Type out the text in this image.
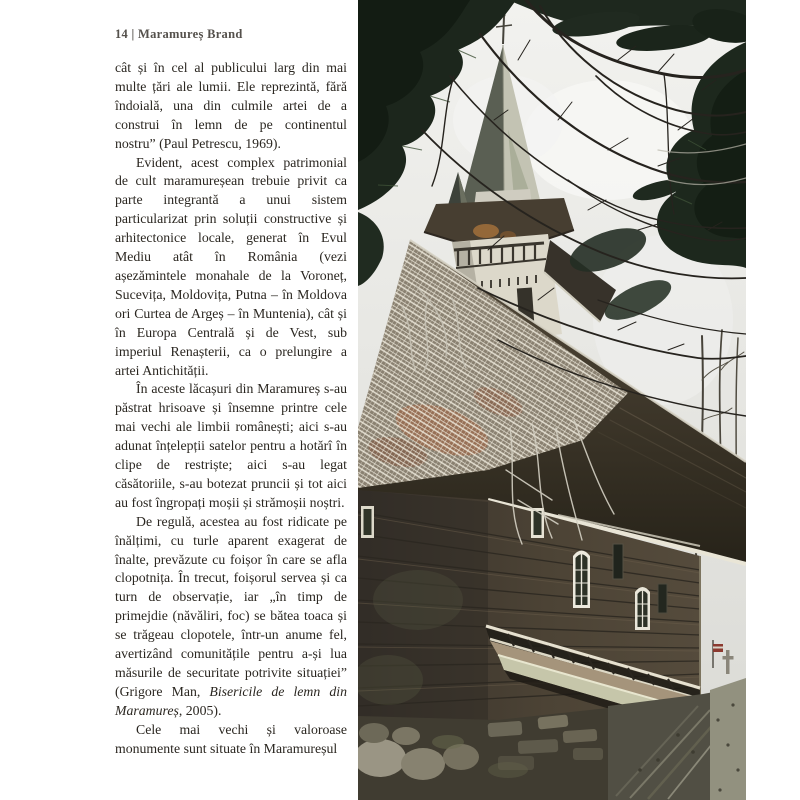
14 | Maramureș Brand

cât și în cel al publicului larg din mai multe țări ale lumii. Ele reprezintă, fără îndoială, una din culmile artei de a construi în lemn de pe continentul nostru” (Paul Petrescu, 1969).

Evident, acest complex patrimonial de cult maramureșean trebuie privit ca parte integrantă a unui sistem particularizat prin soluții constructive și arhitectonice locale, generat în Evul Mediu atât în România (vezi așezămintele monahale de la Voroneț, Sucevița, Moldovița, Putna – în Moldova ori Curtea de Argeș – în Muntenia), cât și în Europa Centrală și de Vest, sub imperiul Renașterii, ca o prelungire a artei Antichității.

În aceste lăcașuri din Maramureș s-au păstrat hrisoave și însemne printre cele mai vechi ale limbii românești; aici s-au adunat înțelepții satelor pentru a hotărî în clipe de restriște; aici s-au legat căsătoriile, s-au botezat pruncii și tot aici au fost îngropați moșii și strămoșii noștri.

De regulă, acestea au fost ridicate pe înălțimi, cu turle aparent exagerat de înalte, prevăzute cu foișor în care se afla clopotnița. În trecut, foișorul servea și ca turn de observație, iar „în timp de primejdie (năvăliri, foc) se bătea toaca și se trăgeau clopotele, într-un anume fel, avertizând comunitățile pentru a-și lua măsurile de securitate potrivite situației” (Grigore Man, Bisericile de lemn din Maramureș, 2005).

Cele mai vechi și valoroase monumente sunt situate în Maramureșul
